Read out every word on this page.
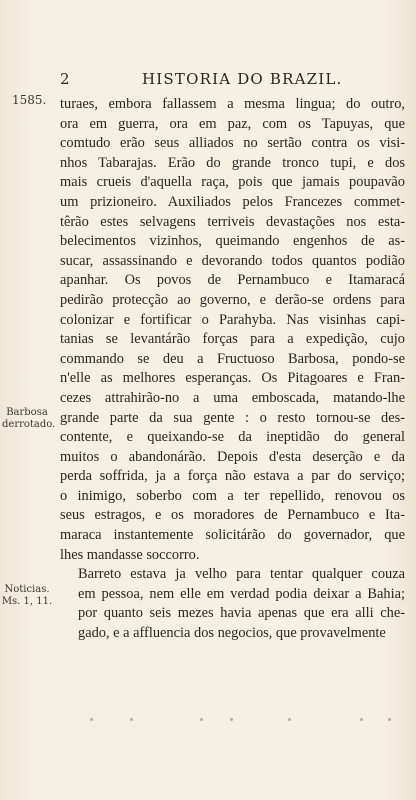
2	HISTORIA DO BRAZIL.
1585.
Barbosa derrotado.
Noticias. Ms. 1, 11.

turaes, embora fallassem a mesma lingua; do outro,
ora em guerra, ora em paz, com os Tapuyas, que
comtudo erão seus alliados no sertão contra os visi-
nhos Tabarajas. Erão do grande tronco tupi, e dos
mais crueis d'aquella raça, pois que jamais poupavão
um prizioneiro. Auxiliados pelos Francezes commet-
têrão estes selvagens terriveis devastações nos esta-
belecimentos vizinhos, queimando engenhos de as-
sucar, assassinando e devorando todos quantos podião
apanhar. Os povos de Pernambuco e Itamaracá
pedirão protecção ao governo, e derão-se ordens para
colonizar e fortificar o Parahyba. Nas visinhas capi-
tanias se levantárão forças para a expedição, cujo
commando se deu a Fructuoso Barbosa, pondo-se
n'elle as melhores esperanças. Os Pitagoares e Fran-
cezes attrahirão-no a uma emboscada, matando-lhe
grande parte da sua gente : o resto tornou-se des-
contente, e queixando-se da ineptidão do general
muitos o abandonárão. Depois d'esta deserção e da
perda soffrida, ja a força não estava a par do serviço;
o inimigo, soberbo com a ter repellido, renovou os
seus estragos, e os moradores de Pernambuco e Ita-
maraca instantemente solicitárão do governador, que
lhes mandasse soccorro.

Barreto estava ja velho para tentar qualquer couza
em pessoa, nem elle em verdad podia deixar a Bahia;
por quanto seis mezes havia apenas que era alli che-
gado, e a affluencia dos negocios, que provavelmente
